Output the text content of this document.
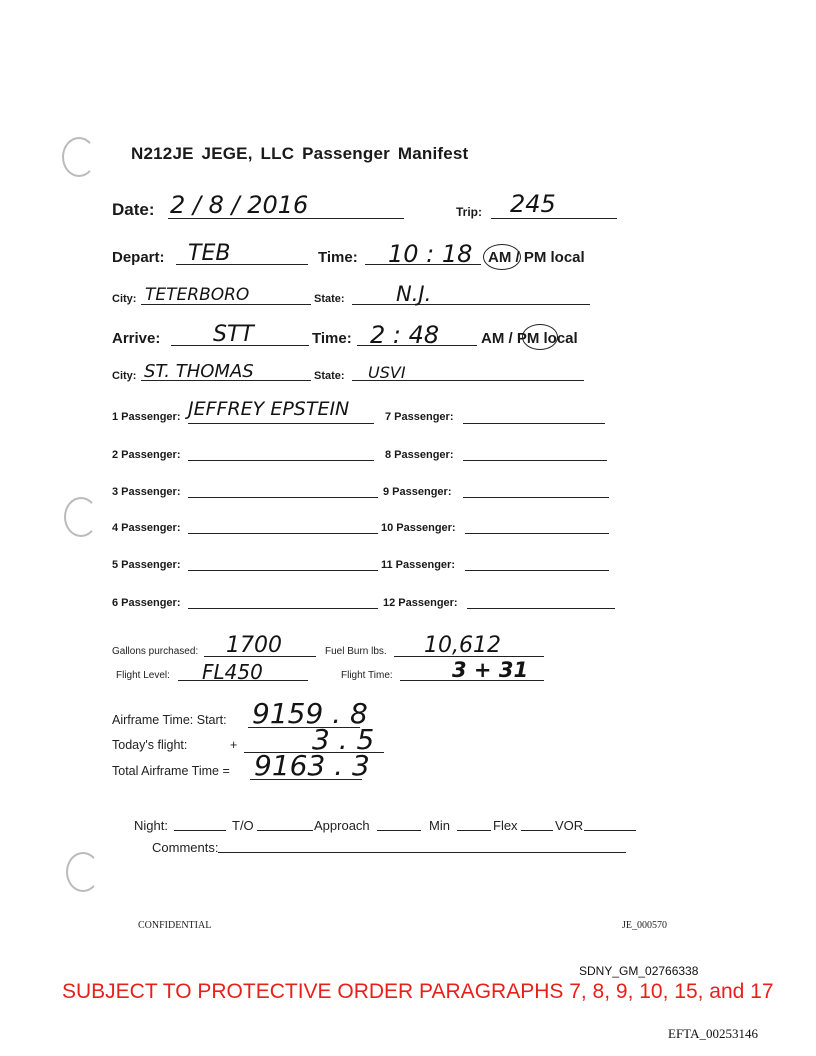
N212JE JEGE, LLC Passenger Manifest
Date: 2 / 8 / 2016	Trip: 245
Depart: TEB	Time: 10 : 18 AM / PM local
City: TETERBORO	State: N.J.
Arrive: STT	Time: 2 : 48	AM / PM local
City: ST. THOMAS	State: USVI
1 Passenger: JEFFREY EPSTEIN
2 Passenger:
3 Passenger:
4 Passenger:
5 Passenger:
6 Passenger:
7 Passenger:
8 Passenger:
9 Passenger:
10 Passenger:
11 Passenger:
12 Passenger:
Gallons purchased: 1700	Fuel Burn lbs. 10,612
Flight Level: FL450	Flight Time:	3 + 31
Airframe Time: Start: 9159 . 8
Today's flight:	+	3 . 5
Total Airframe Time = 9163 . 3
Night:	T/O	Approach	Min	Flex	VOR
Comments:
CONFIDENTIAL	JE_000570
SDNY_GM_02766338
SUBJECT TO PROTECTIVE ORDER PARAGRAPHS 7, 8, 9, 10, 15, and 17
EFTA_00253146
